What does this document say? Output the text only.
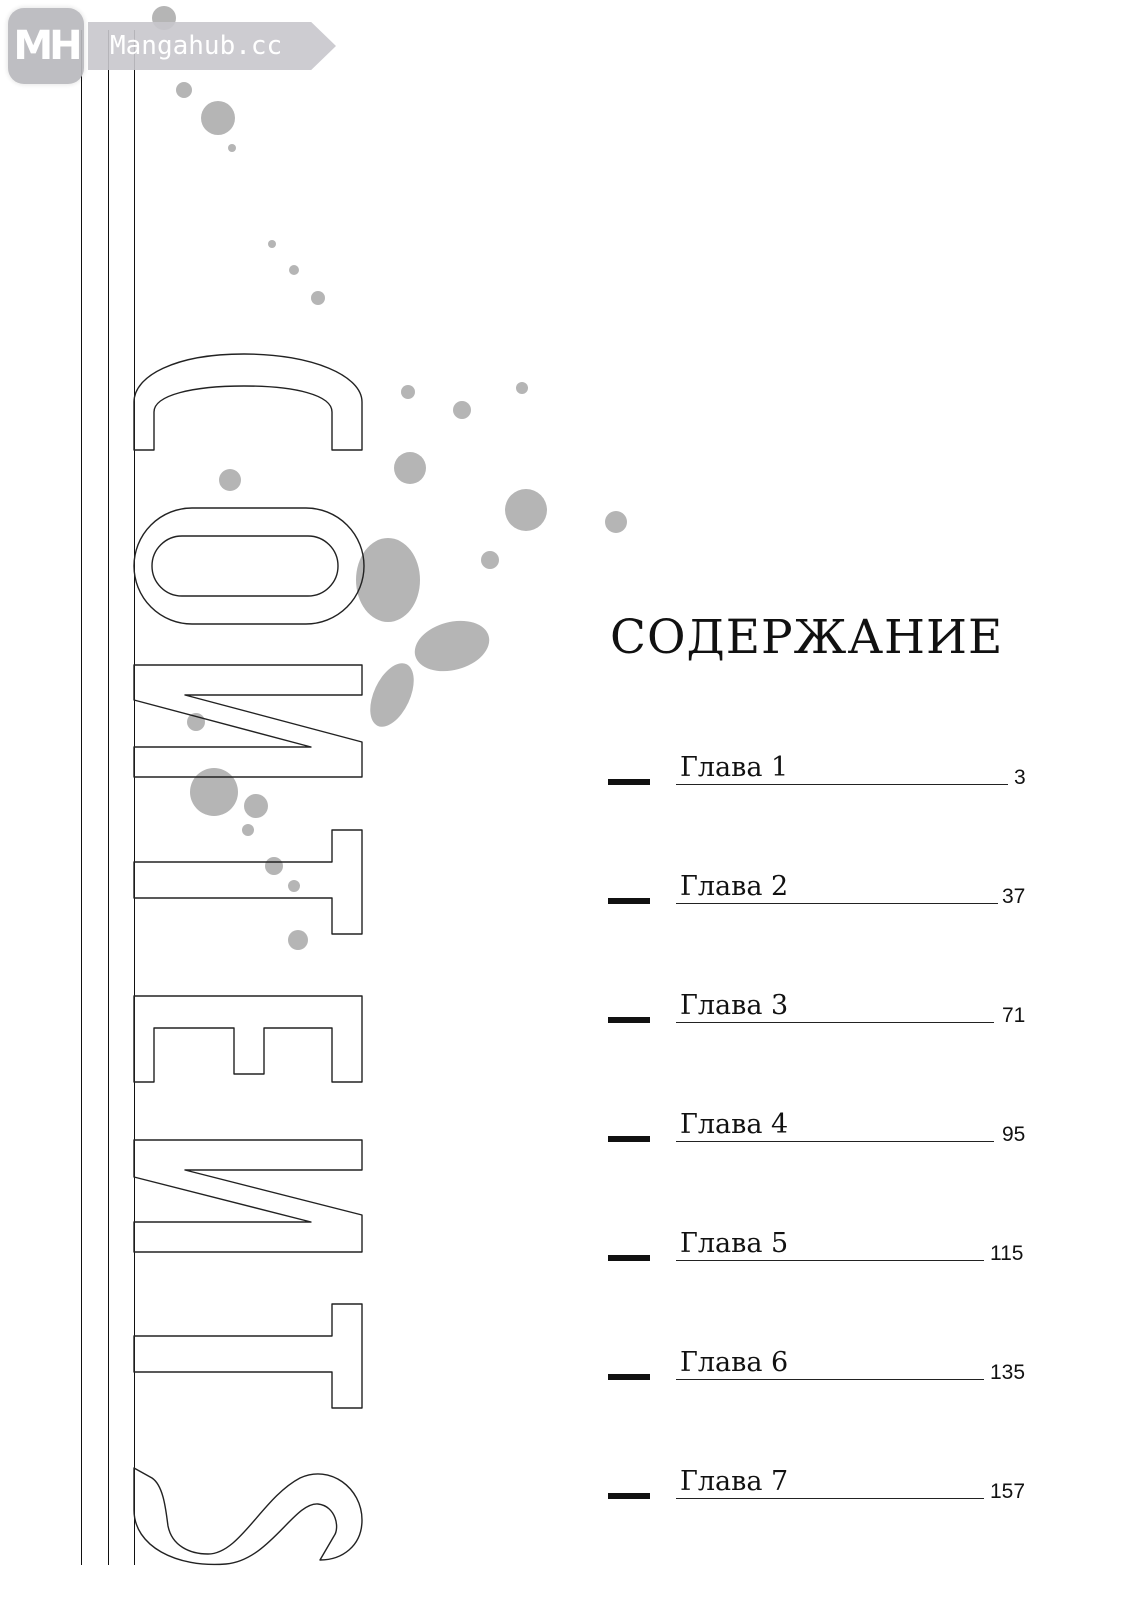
MH Mangahub.cc
СОДЕРЖАНИЕ
Глава 1	3
Глава 2	37
Глава 3	71
Глава 4	95
Глава 5	115
Глава 6	135
Глава 7	157
